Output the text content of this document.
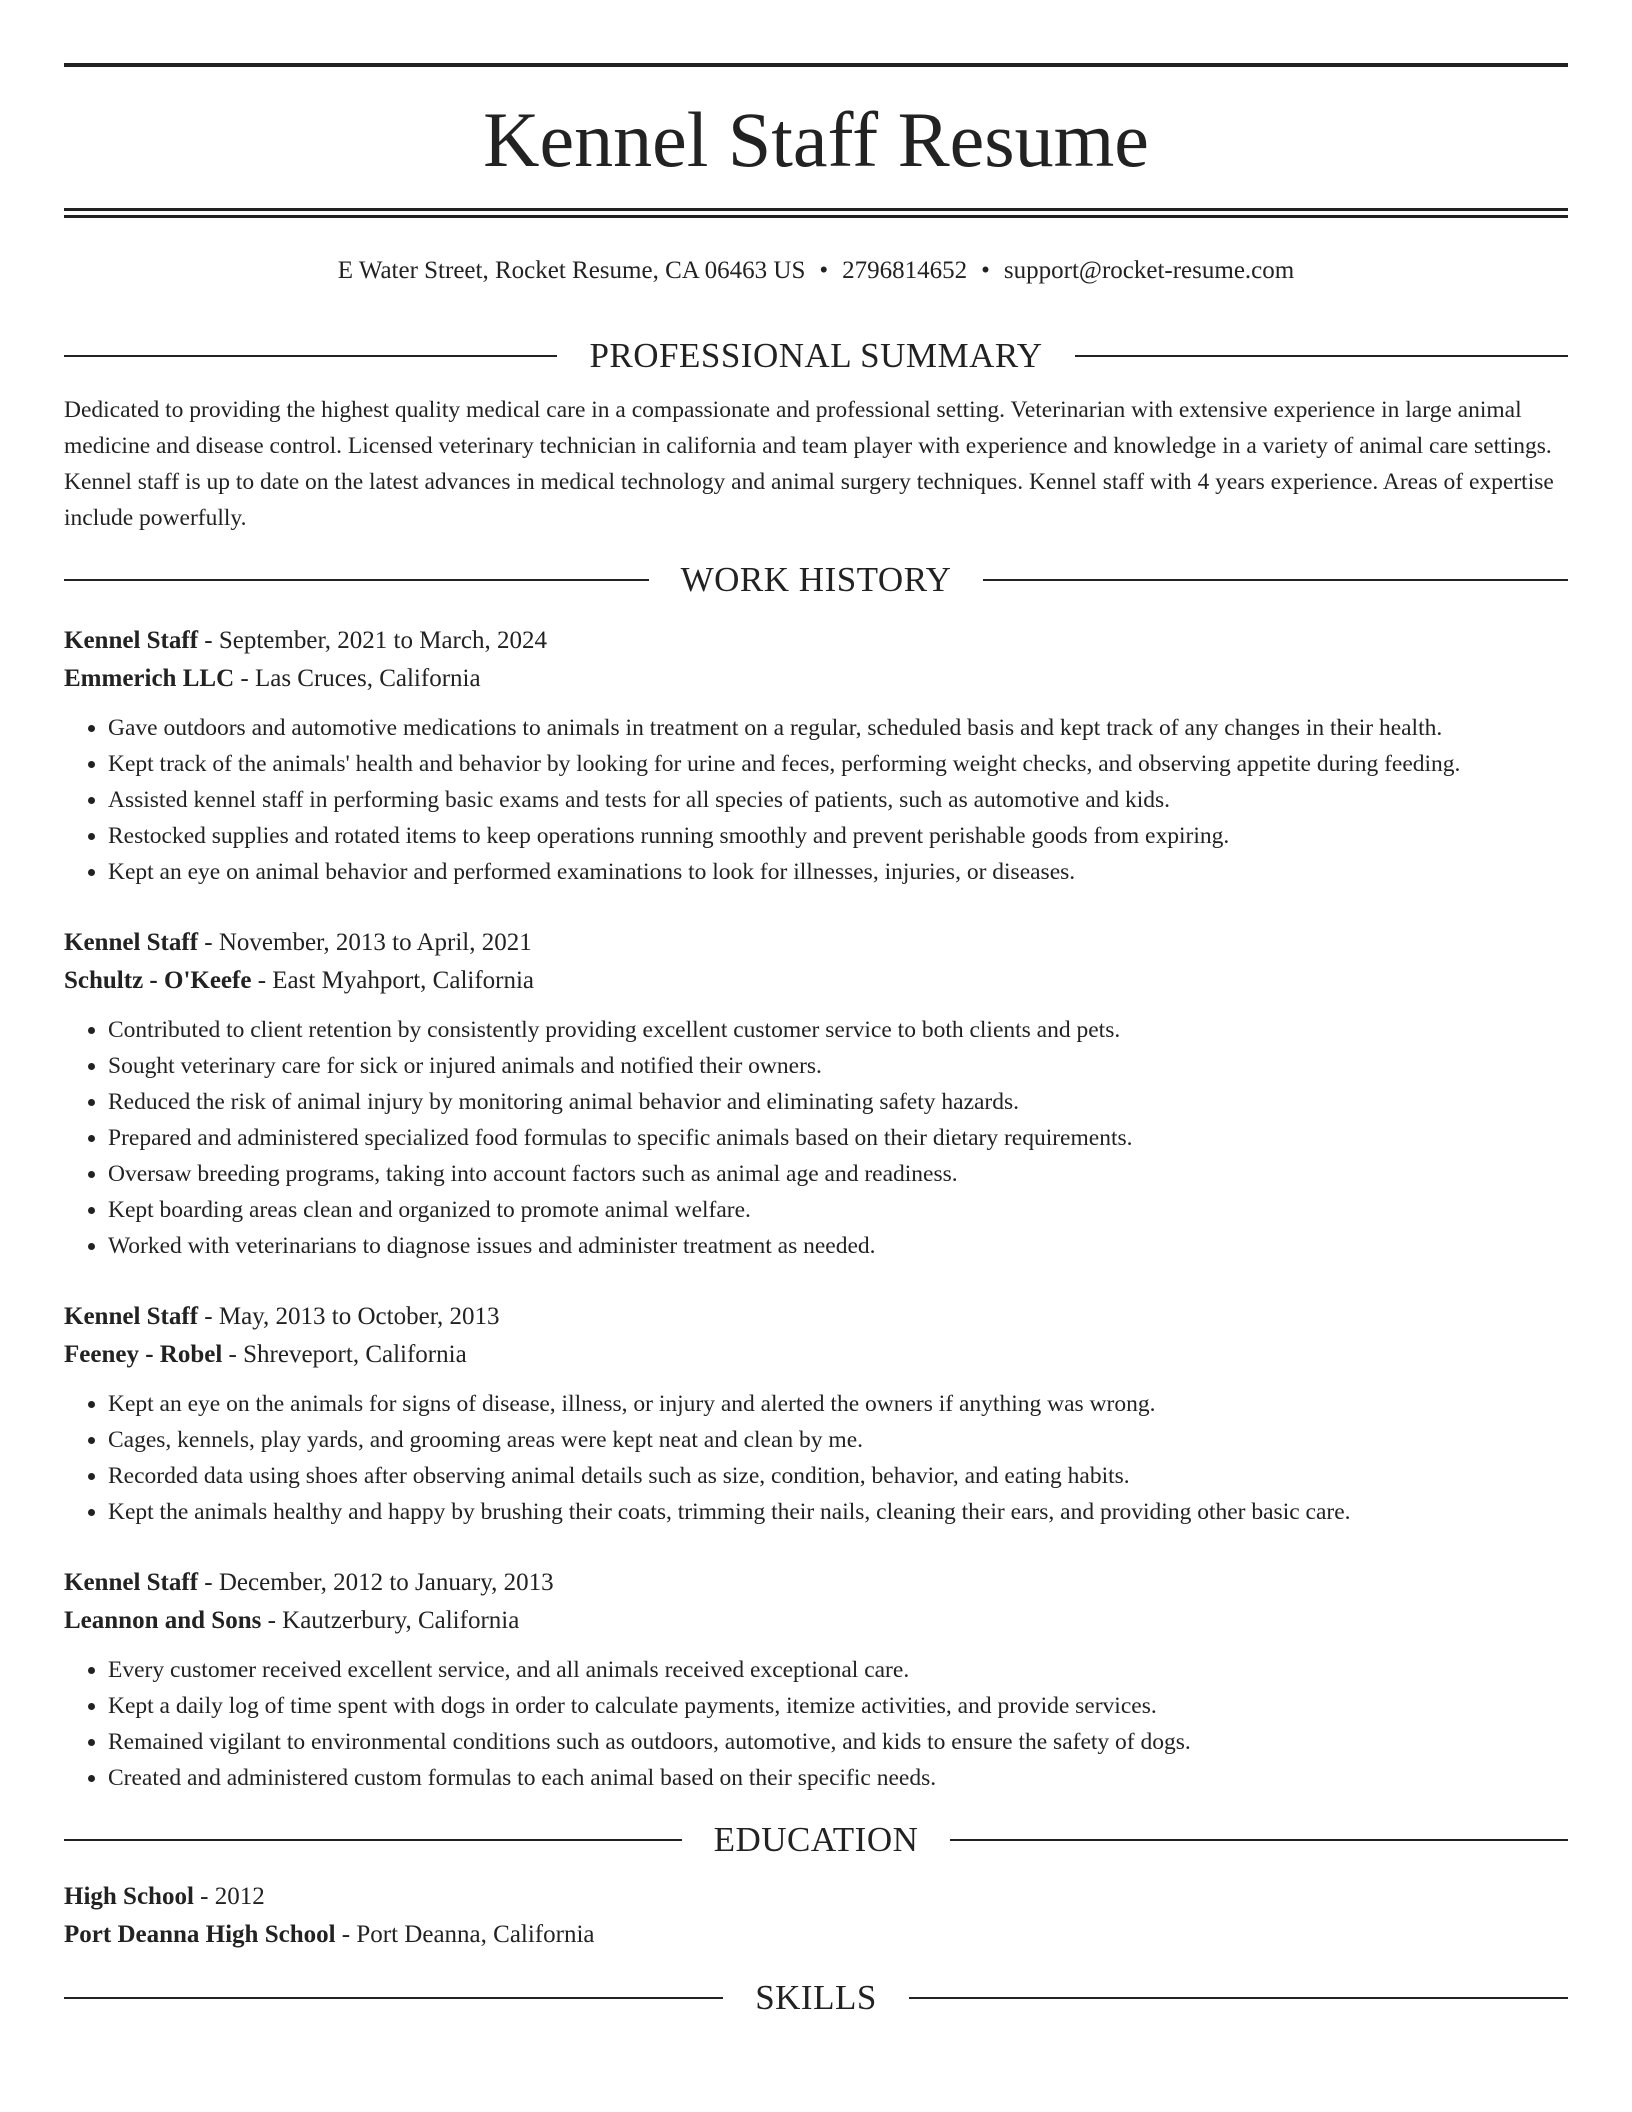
Kennel Staff Resume
E Water Street, Rocket Resume, CA 06463 US • 2796814652 • support@rocket-resume.com
PROFESSIONAL SUMMARY

Dedicated to providing the highest quality medical care in a compassionate and professional setting. Veterinarian with extensive experience in large animal medicine and disease control. Licensed veterinary technician in california and team player with experience and knowledge in a variety of animal care settings. Kennel staff is up to date on the latest advances in medical technology and animal surgery techniques. Kennel staff with 4 years experience. Areas of expertise include powerfully.

WORK HISTORY
Kennel Staff - September, 2021 to March, 2024
Emmerich LLC - Las Cruces, California
• Gave outdoors and automotive medications to animals in treatment on a regular, scheduled basis and kept track of any changes in their health.
• Kept track of the animals' health and behavior by looking for urine and feces, performing weight checks, and observing appetite during feeding.
• Assisted kennel staff in performing basic exams and tests for all species of patients, such as automotive and kids.
• Restocked supplies and rotated items to keep operations running smoothly and prevent perishable goods from expiring.
• Kept an eye on animal behavior and performed examinations to look for illnesses, injuries, or diseases.
Kennel Staff - November, 2013 to April, 2021
Schultz - O'Keefe - East Myahport, California
• Contributed to client retention by consistently providing excellent customer service to both clients and pets.
• Sought veterinary care for sick or injured animals and notified their owners.
• Reduced the risk of animal injury by monitoring animal behavior and eliminating safety hazards.
• Prepared and administered specialized food formulas to specific animals based on their dietary requirements.
• Oversaw breeding programs, taking into account factors such as animal age and readiness.
• Kept boarding areas clean and organized to promote animal welfare.
• Worked with veterinarians to diagnose issues and administer treatment as needed.
Kennel Staff - May, 2013 to October, 2013
Feeney - Robel - Shreveport, California
• Kept an eye on the animals for signs of disease, illness, or injury and alerted the owners if anything was wrong.
• Cages, kennels, play yards, and grooming areas were kept neat and clean by me.
• Recorded data using shoes after observing animal details such as size, condition, behavior, and eating habits.
• Kept the animals healthy and happy by brushing their coats, trimming their nails, cleaning their ears, and providing other basic care.
Kennel Staff - December, 2012 to January, 2013
Leannon and Sons - Kautzerbury, California
• Every customer received excellent service, and all animals received exceptional care.
• Kept a daily log of time spent with dogs in order to calculate payments, itemize activities, and provide services.
• Remained vigilant to environmental conditions such as outdoors, automotive, and kids to ensure the safety of dogs.
• Created and administered custom formulas to each animal based on their specific needs.
EDUCATION
High School - 2012
Port Deanna High School - Port Deanna, California
SKILLS
